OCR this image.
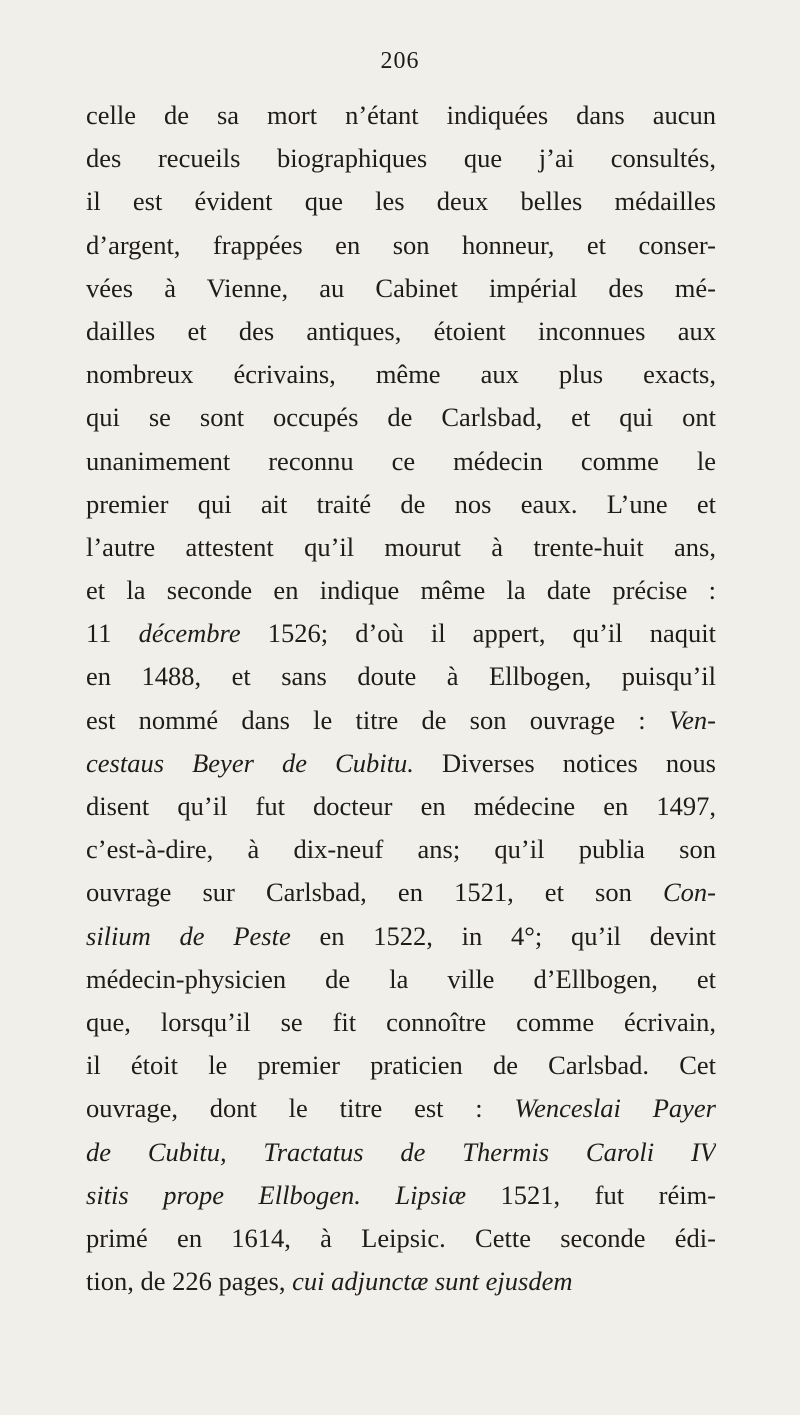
206
celle de sa mort n’étant indiquées dans aucun
des recueils biographiques que j’ai consultés,
il est évident que les deux belles médailles
d’argent, frappées en son honneur, et conser-
vées à Vienne, au Cabinet impérial des mé-
dailles et des antiques, étoient inconnues aux
nombreux écrivains, même aux plus exacts,
qui se sont occupés de Carlsbad, et qui ont
unanimement reconnu ce médecin comme le
premier qui ait traité de nos eaux. L’une et
l’autre attestent qu’il mourut à trente-huit ans,
et la seconde en indique même la date précise :
11 décembre 1526; d’où il appert, qu’il naquit
en 1488, et sans doute à Ellbogen, puisqu’il
est nommé dans le titre de son ouvrage : Ven-
cestaus Beyer de Cubitu. Diverses notices nous
disent qu’il fut docteur en médecine en 1497,
c’est-à-dire, à dix-neuf ans; qu’il publia son
ouvrage sur Carlsbad, en 1521, et son Con-
silium de Peste en 1522, in 4°; qu’il devint
médecin-physicien de la ville d’Ellbogen, et
que, lorsqu’il se fit connoître comme écrivain,
il étoit le premier praticien de Carlsbad. Cet
ouvrage, dont le titre est : Wenceslai Payer
de Cubitu, Tractatus de Thermis Caroli IV
sitis prope Ellbogen. Lipsiæ 1521, fut réim-
primé en 1614, à Leipsic. Cette seconde édi-
tion, de 226 pages, cui adjunctæ sunt ejusdem
